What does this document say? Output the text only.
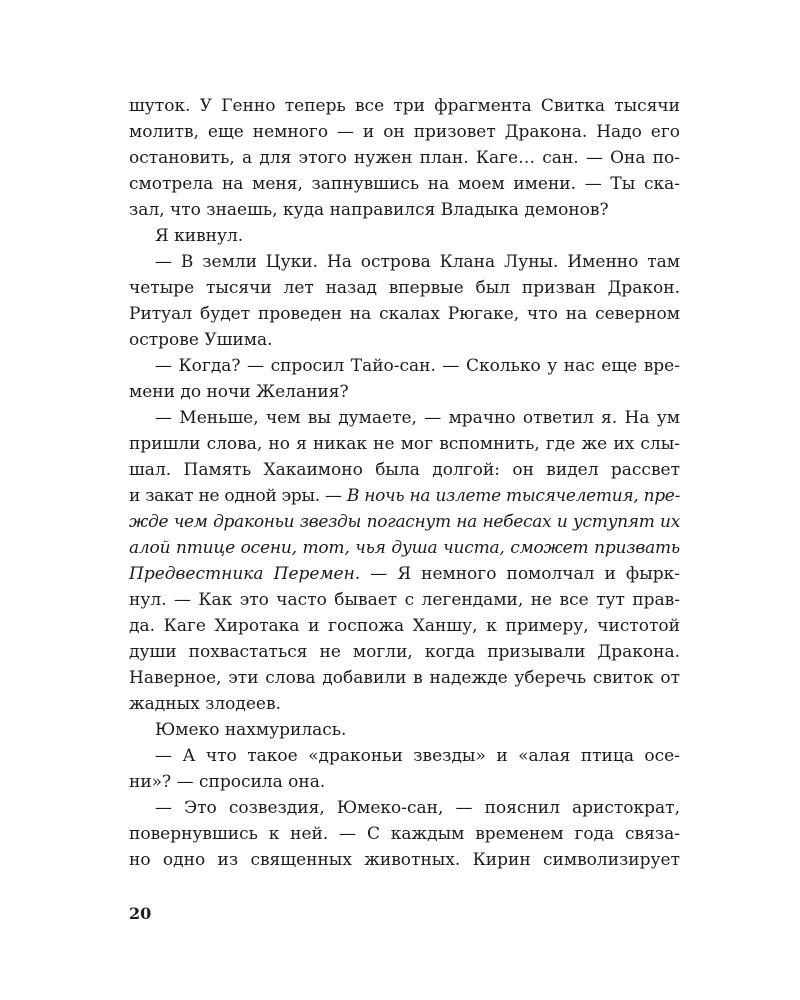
шуток. У Генно теперь все три фрагмента Свитка тысячи
молитв, еще немного — и он призовет Дракона. Надо его
остановить, а для этого нужен план. Каге… сан. — Она по-
смотрела на меня, запнувшись на моем имени. — Ты ска-
зал, что знаешь, куда направился Владыка демонов?
Я кивнул.
— В земли Цуки. На острова Клана Луны. Именно там
четыре тысячи лет назад впервые был призван Дракон.
Ритуал будет проведен на скалах Рюгаке, что на северном
острове Ушима.
— Когда? — спросил Тайо-сан. — Сколько у нас еще вре-
мени до ночи Желания?
— Меньше, чем вы думаете, — мрачно ответил я. На ум
пришли слова, но я никак не мог вспомнить, где же их слы-
шал. Память Хакаимоно была долгой: он видел рассвет
и закат не одной эры. — В ночь на излете тысячелетия, пре-
жде чем драконьи звезды погаснут на небесах и уступят их
алой птице осени, тот, чья душа чиста, сможет призвать
Предвестника Перемен. — Я немного помолчал и фырк-
нул. — Как это часто бывает с легендами, не все тут прав-
да. Каге Хиротака и госпожа Ханшу, к примеру, чистотой
души похвастаться не могли, когда призывали Дракона.
Наверное, эти слова добавили в надежде уберечь свиток от
жадных злодеев.
Юмеко нахмурилась.
— А что такое «драконьи звезды» и «алая птица осе-
ни»? — спросила она.
— Это созвездия, Юмеко-сан, — пояснил аристократ,
повернувшись к ней. — С каждым временем года связа-
но одно из священных животных. Кирин символизирует
20
